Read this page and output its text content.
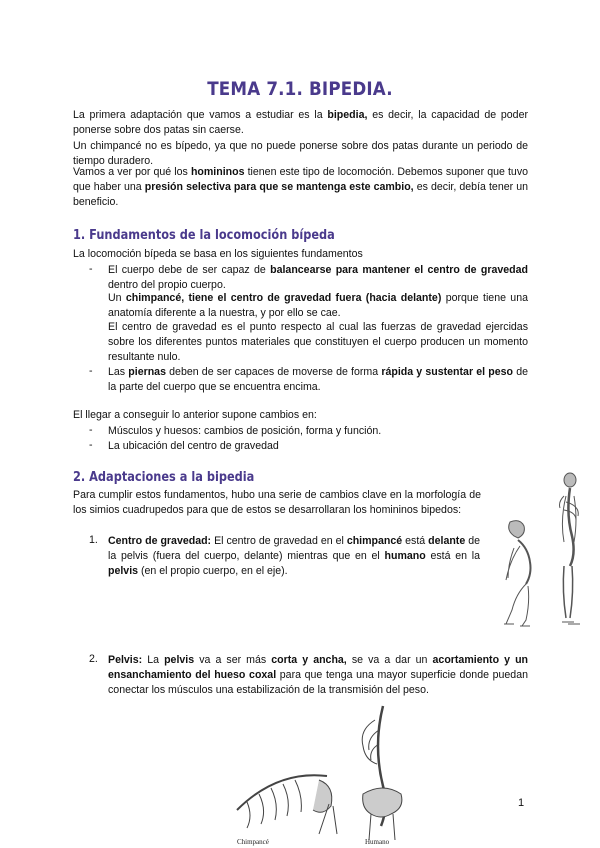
TEMA 7.1. BIPEDIA.
La primera adaptación que vamos a estudiar es la bipedia, es decir, la capacidad de poder ponerse sobre dos patas sin caerse.
Un chimpancé no es bípedo, ya que no puede ponerse sobre dos patas durante un periodo de tiempo duradero.
Vamos a ver por qué los homininos tienen este tipo de locomoción. Debemos suponer que tuvo que haber una presión selectiva para que se mantenga este cambio, es decir, debía tener un beneficio.
1. Fundamentos de la locomoción bípeda
La locomoción bípeda se basa en los siguientes fundamentos
- El cuerpo debe de ser capaz de balancearse para mantener el centro de gravedad dentro del propio cuerpo.
Un chimpancé, tiene el centro de gravedad fuera (hacia delante) porque tiene una anatomía diferente a la nuestra, y por ello se cae.
El centro de gravedad es el punto respecto al cual las fuerzas de gravedad ejercidas sobre los diferentes puntos materiales que constituyen el cuerpo producen un momento resultante nulo.
- Las piernas deben de ser capaces de moverse de forma rápida y sustentar el peso de la parte del cuerpo que se encuentra encima.
El llegar a conseguir lo anterior supone cambios en:
- Músculos y huesos: cambios de posición, forma y función.
- La ubicación del centro de gravedad
2. Adaptaciones a la bipedia
Para cumplir estos fundamentos, hubo una serie de cambios clave en la morfología de los simios cuadrupedos para que de estos se desarrollaran los homininos bipedos:
1. Centro de gravedad: El centro de gravedad en el chimpancé está delante de la pelvis (fuera del cuerpo, delante) mientras que en el humano está en la pelvis (en el propio cuerpo, en el eje).
2. Pelvis: La pelvis va a ser más corta y ancha, se va a dar un acortamiento y un ensanchamiento del hueso coxal para que tenga una mayor superficie donde puedan conectar los músculos una estabilización de la transmisión del peso.
Chimpancé	Humano
1
